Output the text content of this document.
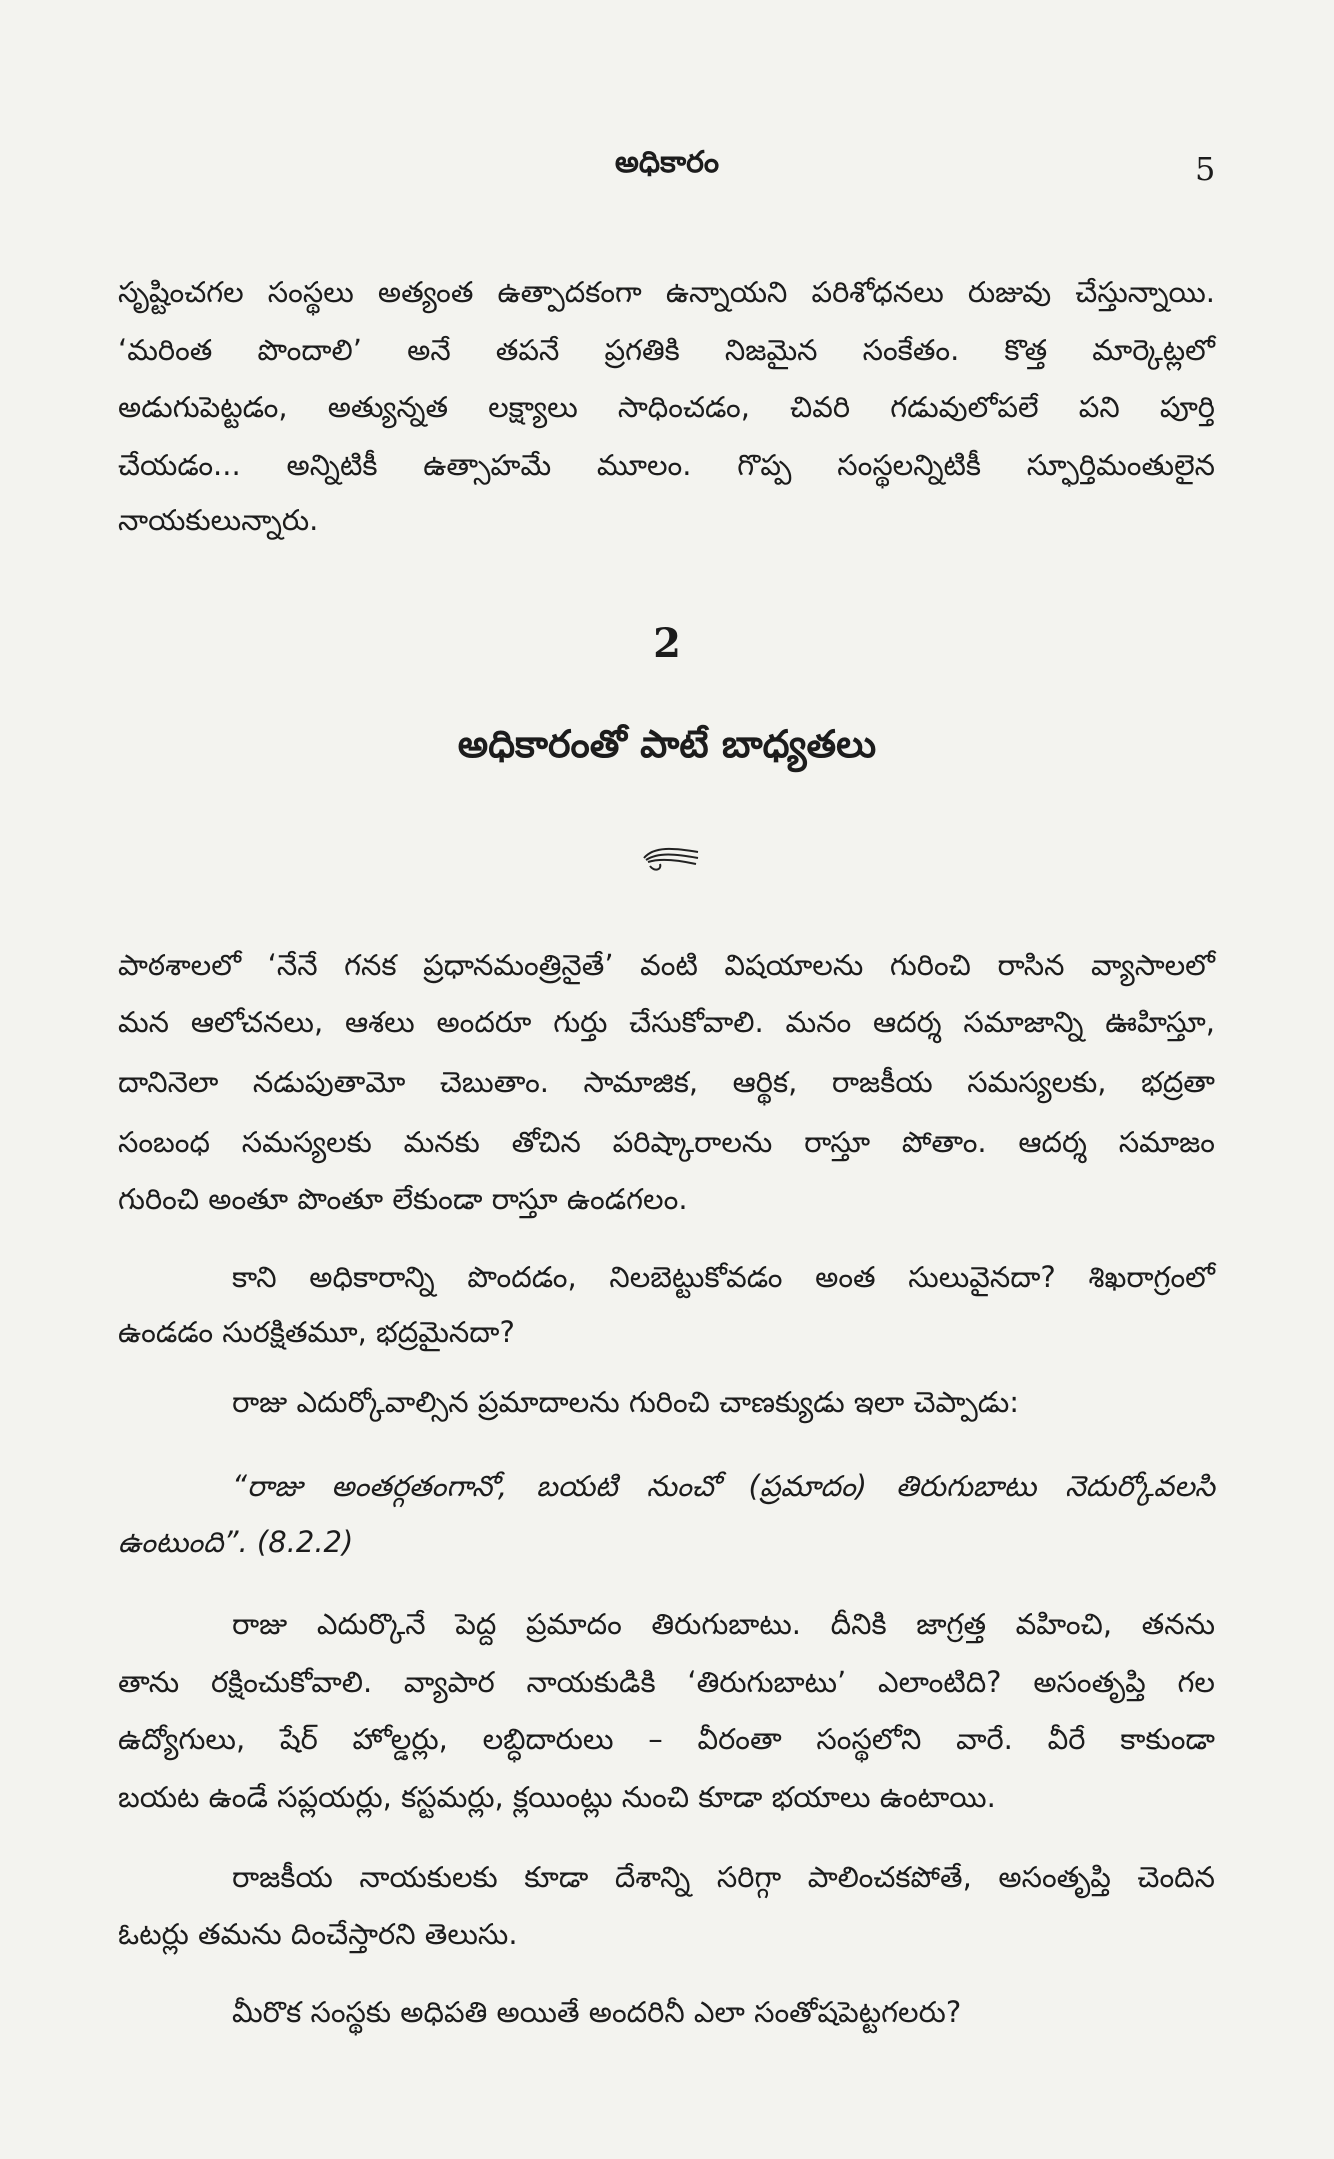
అధికారం	5
సృష్టించగల సంస్థలు అత్యంత ఉత్పాదకంగా ఉన్నాయని పరిశోధనలు రుజువు చేస్తున్నాయి.
‘మరింత పొందాలి’ అనే తపనే ప్రగతికి నిజమైన సంకేతం. కొత్త మార్కెట్లలో
అడుగుపెట్టడం, అత్యున్నత లక్ష్యాలు సాధించడం, చివరి గడువులోపలే పని పూర్తి
చేయడం... అన్నిటికీ ఉత్సాహమే మూలం. గొప్ప సంస్థలన్నిటికీ స్ఫూర్తిమంతులైన
నాయకులున్నారు.
2
అధికారంతో పాటే బాధ్యతలు
పాఠశాలలో ‘నేనే గనక ప్రధానమంత్రినైతే’ వంటి విషయాలను గురించి రాసిన వ్యాసాలలో
మన ఆలోచనలు, ఆశలు అందరూ గుర్తు చేసుకోవాలి. మనం ఆదర్శ సమాజాన్ని ఊహిస్తూ,
దానినెలా నడుపుతామో చెబుతాం. సామాజిక, ఆర్థిక, రాజకీయ సమస్యలకు, భద్రతా
సంబంధ సమస్యలకు మనకు తోచిన పరిష్కారాలను రాస్తూ పోతాం. ఆదర్శ సమాజం
గురించి అంతూ పొంతూ లేకుండా రాస్తూ ఉండగలం.
కాని అధికారాన్ని పొందడం, నిలబెట్టుకోవడం అంత సులువైనదా? శిఖరాగ్రంలో
ఉండడం సురక్షితమూ, భద్రమైనదా?
రాజు ఎదుర్కోవాల్సిన ప్రమాదాలను గురించి చాణక్యుడు ఇలా చెప్పాడు:
“రాజు అంతర్గతంగానో, బయటి నుంచో (ప్రమాదం) తిరుగుబాటు నెదుర్కోవలసి
ఉంటుంది”. (8.2.2)
రాజు ఎదుర్కొనే పెద్ద ప్రమాదం తిరుగుబాటు. దీనికి జాగ్రత్త వహించి, తనను
తాను రక్షించుకోవాలి. వ్యాపార నాయకుడికి ‘తిరుగుబాటు’ ఎలాంటిది? అసంతృప్తి గల
ఉద్యోగులు, షేర్ హోల్డర్లు, లబ్ధిదారులు – వీరంతా సంస్థలోని వారే. వీరే కాకుండా
బయట ఉండే సప్లయర్లు, కస్టమర్లు, క్లయింట్లు నుంచి కూడా భయాలు ఉంటాయి.
రాజకీయ నాయకులకు కూడా దేశాన్ని సరిగ్గా పాలించకపోతే, అసంతృప్తి చెందిన
ఓటర్లు తమను దించేస్తారని తెలుసు.
మీరొక సంస్థకు అధిపతి అయితే అందరినీ ఎలా సంతోషపెట్టగలరు?
